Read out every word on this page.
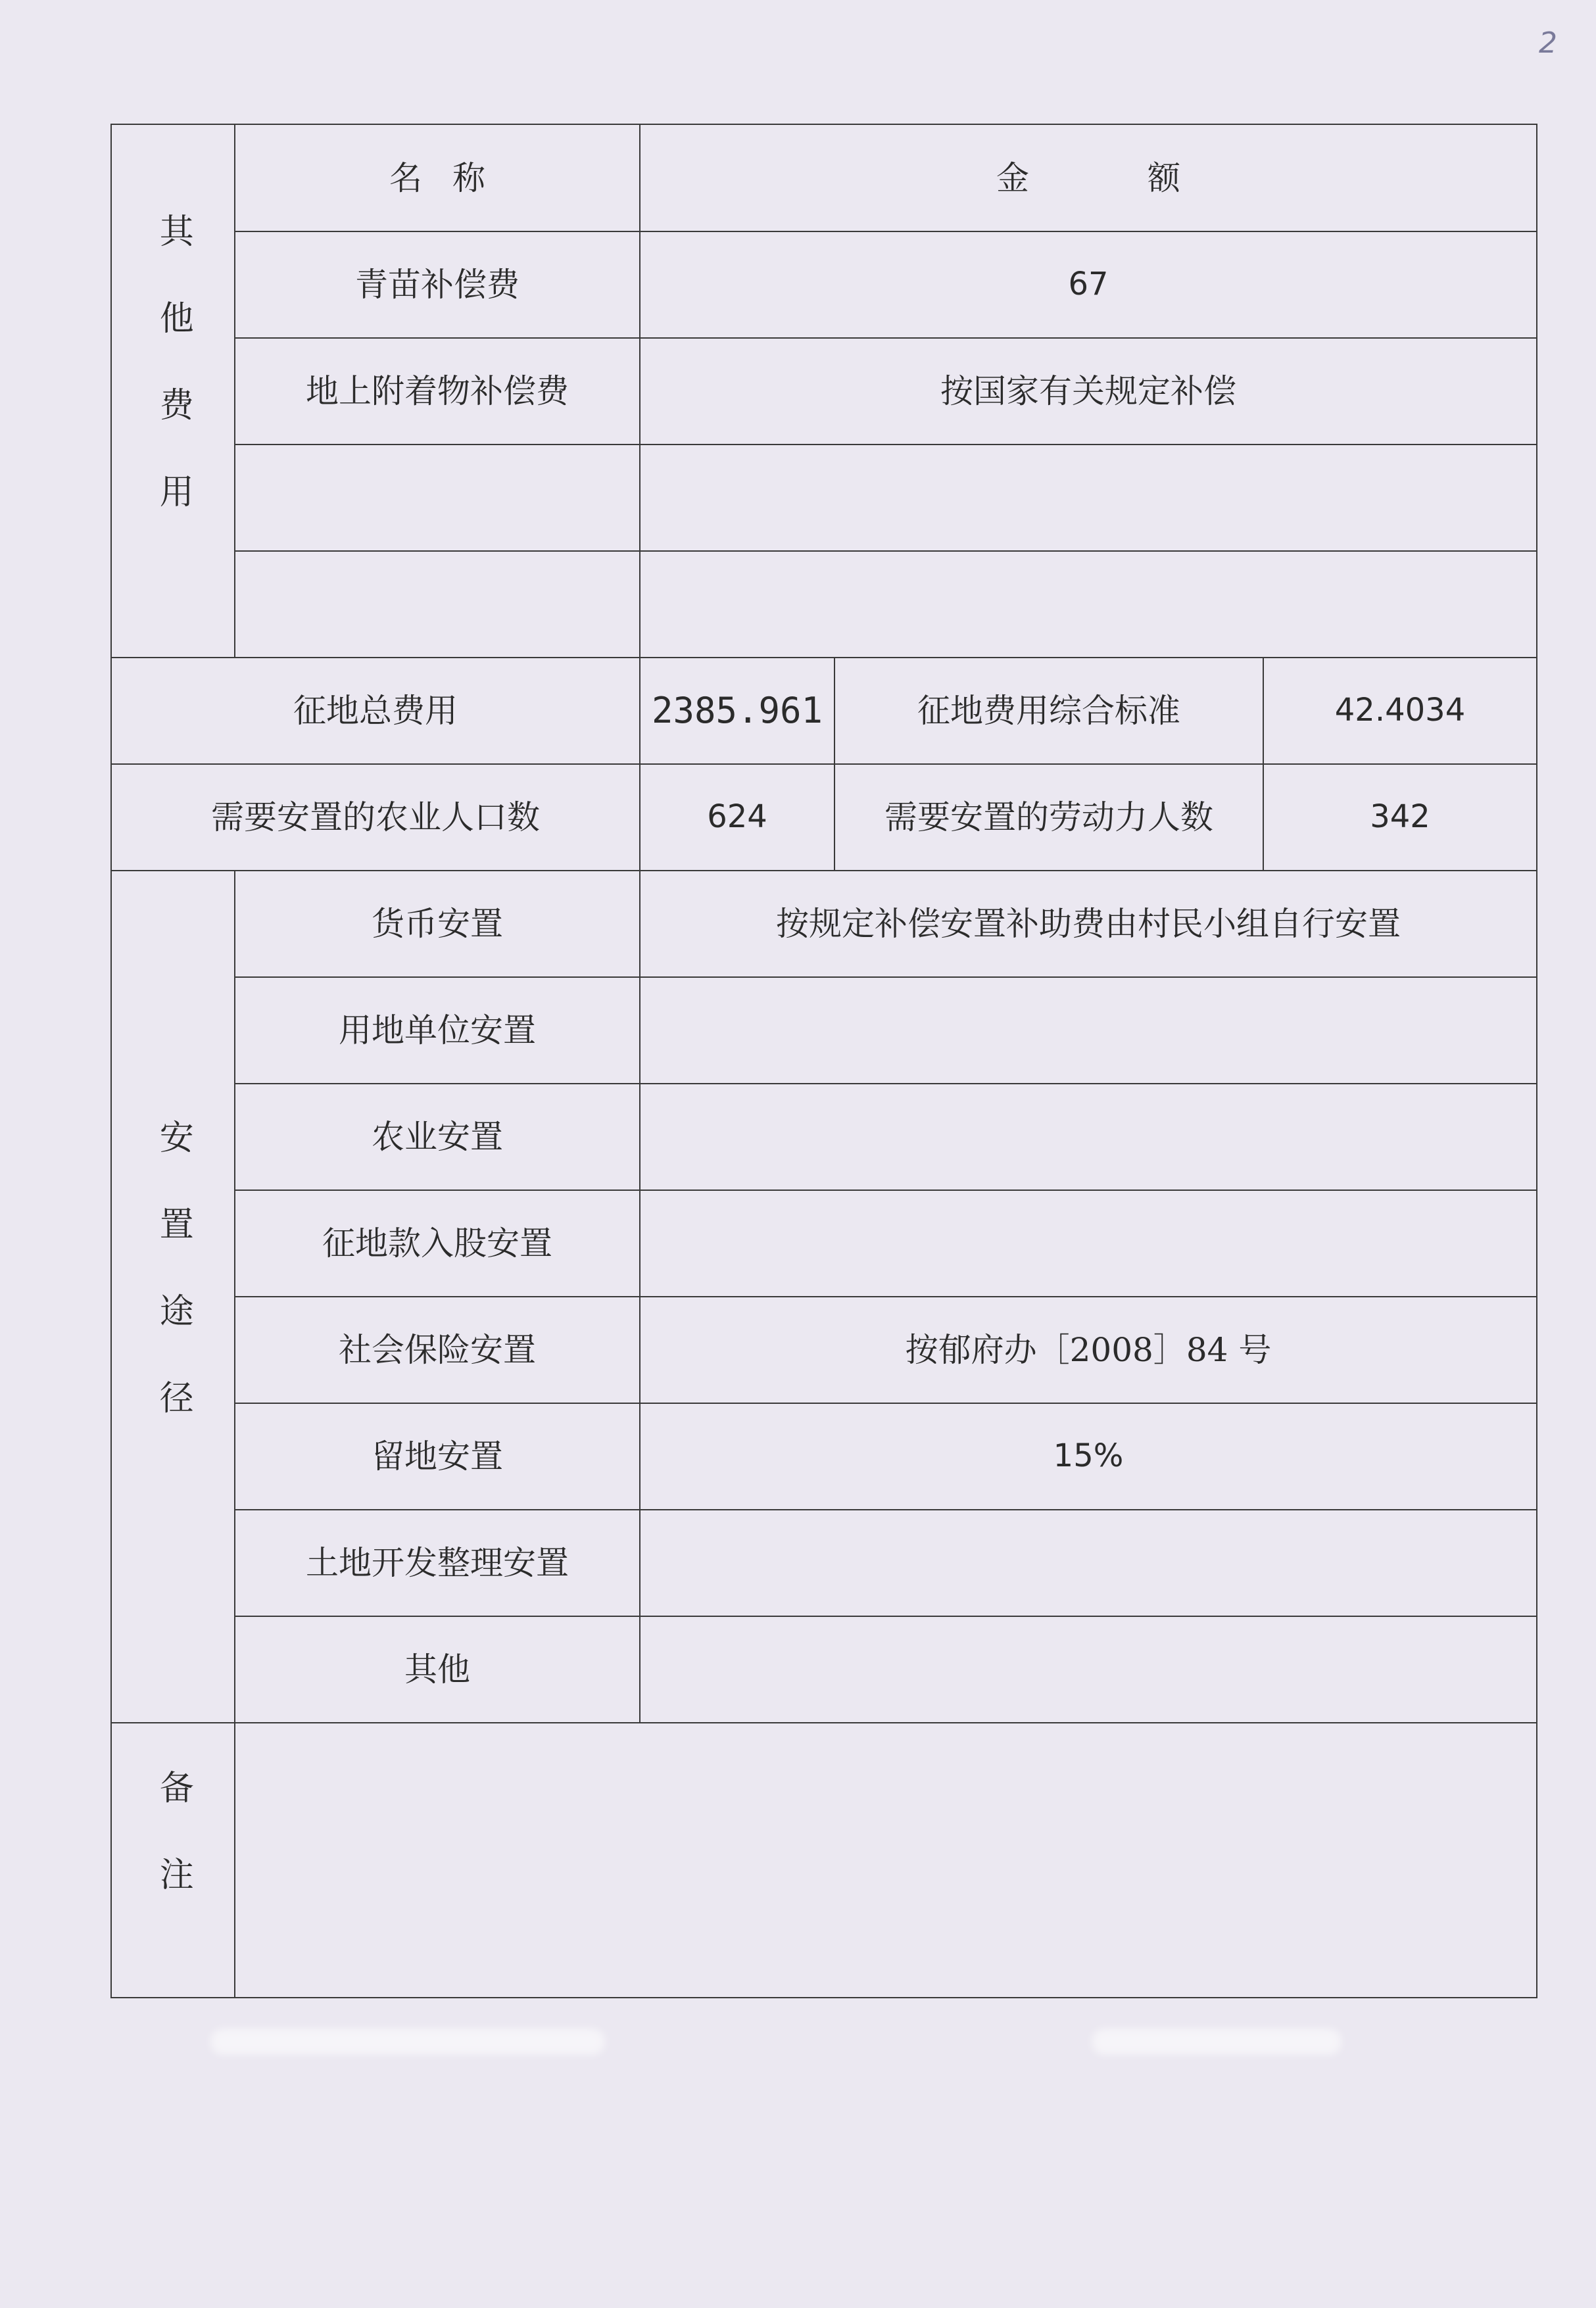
2
其他费用	名称	金额		
	青苗补偿费	67		
	地上附着物补偿费	按国家有关规定补偿		

征地总费用		2385.961	征地费用综合标准	42.4034
需要安置的农业人口数		624	需要安置的劳动力人数	342
安置途径	货币安置	按规定补偿安置补助费由村民小组自行安置		
	用地单位安置			
	农业安置			
	征地款入股安置			
	社会保险安置	按郁府办［2008］84 号		
	留地安置	15%		
	土地开发整理安置			
	其他			
备注				
